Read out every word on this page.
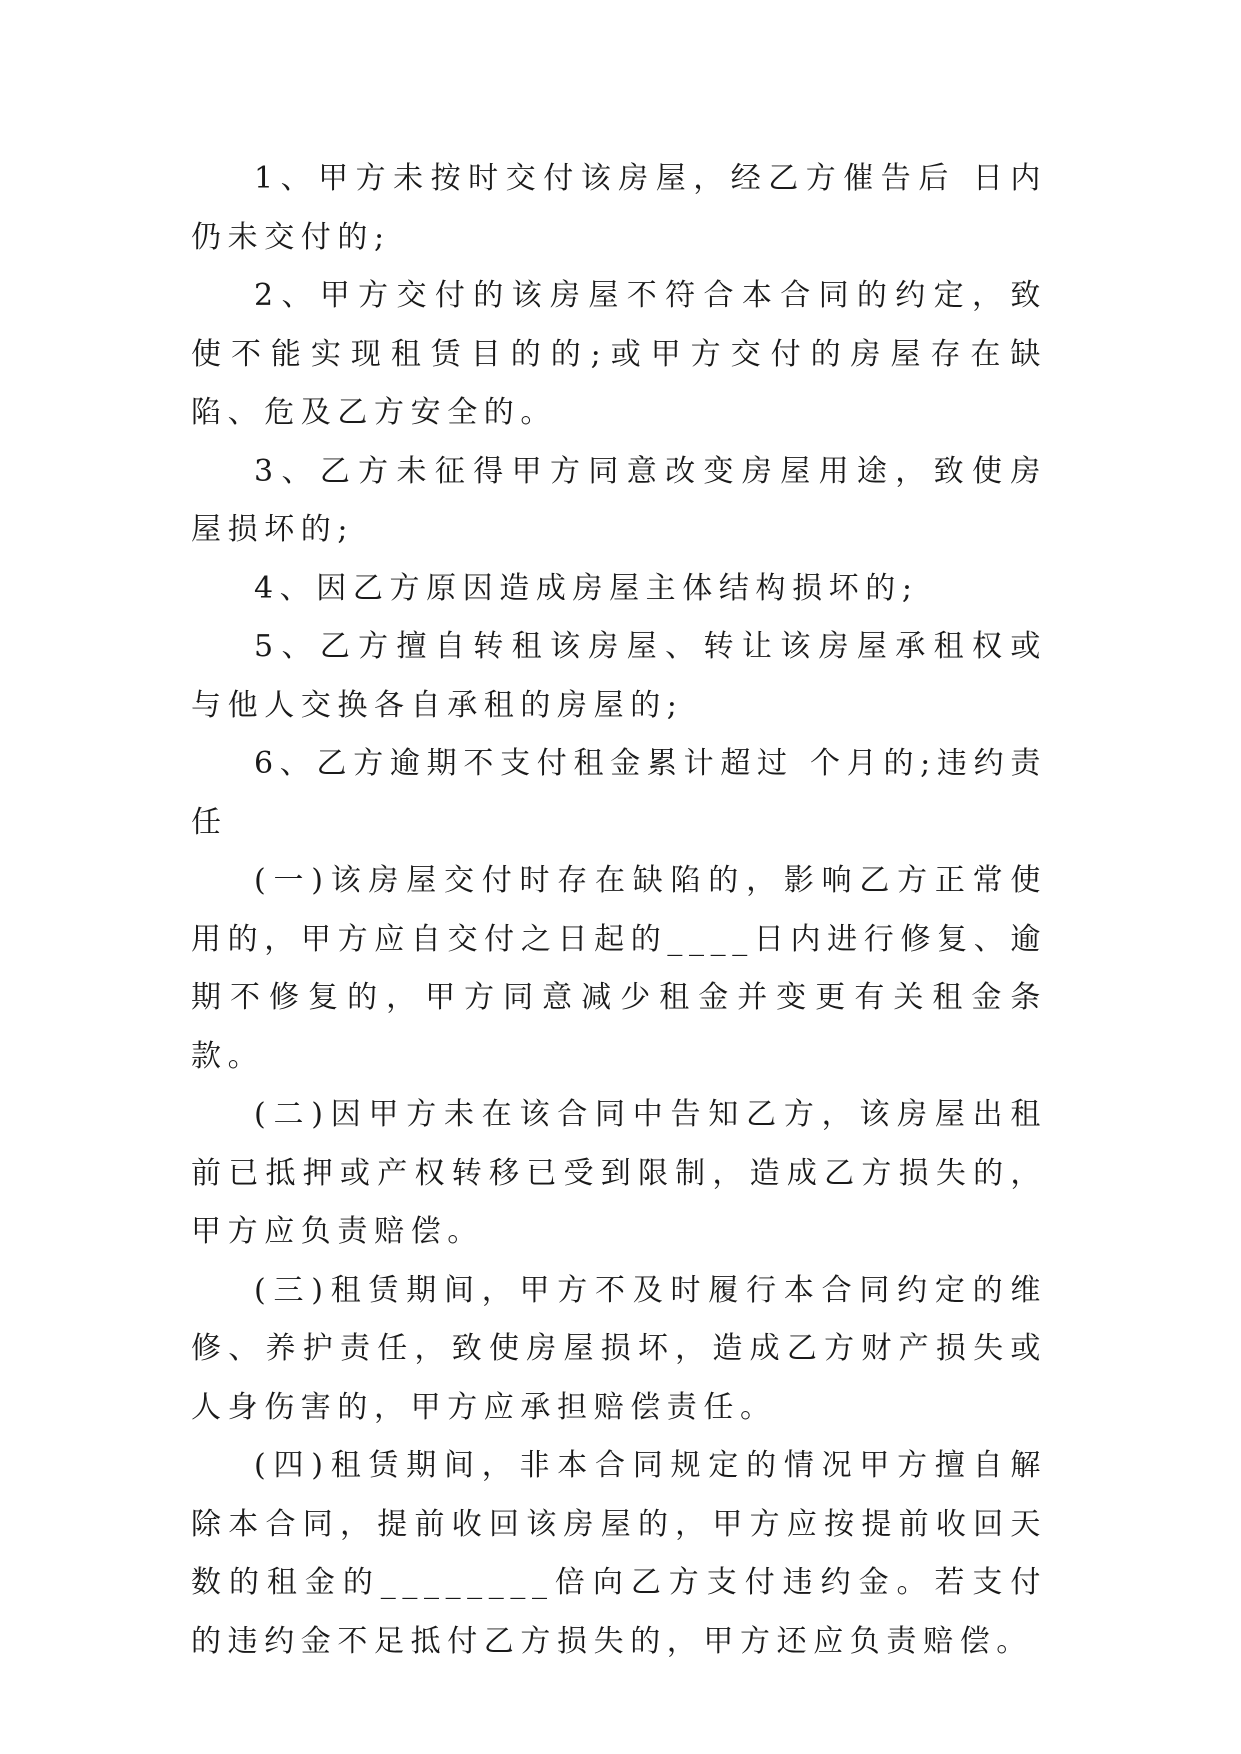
1、甲方未按时交付该房屋，经乙方催告后 日内仍未交付的;

2、甲方交付的该房屋不符合本合同的约定，致使不能实现租赁目的的;或甲方交付的房屋存在缺陷、危及乙方安全的。

3、乙方未征得甲方同意改变房屋用途，致使房屋损坏的;

4、因乙方原因造成房屋主体结构损坏的;

5、乙方擅自转租该房屋、转让该房屋承租权或与他人交换各自承租的房屋的;

6、乙方逾期不支付租金累计超过 个月的;违约责任

(一)该房屋交付时存在缺陷的，影响乙方正常使用的，甲方应自交付之日起的____日内进行修复、逾期不修复的，甲方同意减少租金并变更有关租金条款。

(二)因甲方未在该合同中告知乙方，该房屋出租前已抵押或产权转移已受到限制，造成乙方损失的，甲方应负责赔偿。

(三)租赁期间，甲方不及时履行本合同约定的维修、养护责任，致使房屋损坏，造成乙方财产损失或人身伤害的，甲方应承担赔偿责任。

(四)租赁期间，非本合同规定的情况甲方擅自解除本合同，提前收回该房屋的，甲方应按提前收回天数的租金的________倍向乙方支付违约金。若支付的违约金不足抵付乙方损失的，甲方还应负责赔偿。
